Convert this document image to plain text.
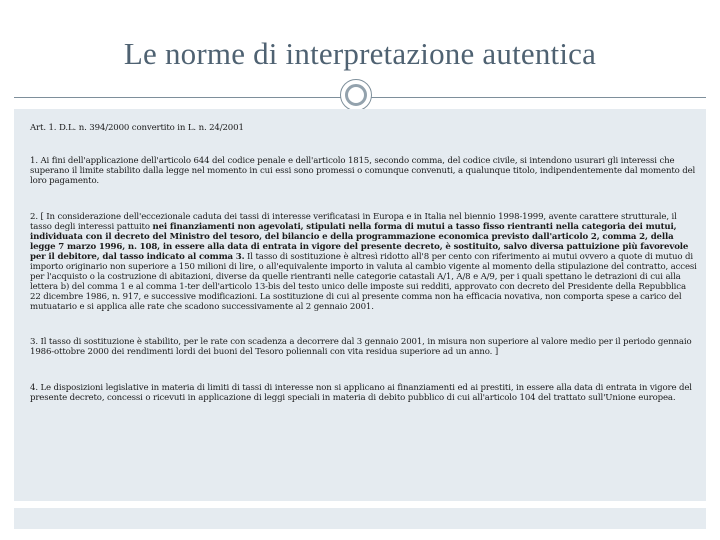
Le norme di interpretazione autentica

Art. 1. D.L. n. 394/2000 convertito in L. n. 24/2001

1. Ai fini dell'applicazione dell'articolo 644 del codice penale e dell'articolo 1815, secondo comma, del codice civile, si intendono usurari gli interessi che superano il limite stabilito dalla legge nel momento in cui essi sono promessi o comunque convenuti, a qualunque titolo, indipendentemente dal momento del loro pagamento.

2. [ In considerazione dell'eccezionale caduta dei tassi di interesse verificatasi in Europa e in Italia nel biennio 1998-1999, avente carattere strutturale, il tasso degli interessi pattuito nei finanziamenti non agevolati, stipulati nella forma di mutui a tasso fisso rientranti nella categoria dei mutui, individuata con il decreto del Ministro del tesoro, del bilancio e della programmazione economica previsto dall'articolo 2, comma 2, della legge 7 marzo 1996, n. 108, in essere alla data di entrata in vigore del presente decreto, è sostituito, salvo diversa pattuizione più favorevole per il debitore, dal tasso indicato al comma 3. Il tasso di sostituzione è altresì ridotto all'8 per cento con riferimento ai mutui ovvero a quote di mutuo di importo originario non superiore a 150 milioni di lire, o all'equivalente importo in valuta al cambio vigente al momento della stipulazione del contratto, accesi per l'acquisto o la costruzione di abitazioni, diverse da quelle rientranti nelle categorie catastali A/1, A/8 e A/9, per i quali spettano le detrazioni di cui alla lettera b) del comma 1 e al comma 1-ter dell'articolo 13-bis del testo unico delle imposte sui redditi, approvato con decreto del Presidente della Repubblica 22 dicembre 1986, n. 917, e successive modificazioni. La sostituzione di cui al presente comma non ha efficacia novativa, non comporta spese a carico del mutuatario e si applica alle rate che scadono successivamente al 2 gennaio 2001.

3. Il tasso di sostituzione è stabilito, per le rate con scadenza a decorrere dal 3 gennaio 2001, in misura non superiore al valore medio per il periodo gennaio 1986-ottobre 2000 dei rendimenti lordi dei buoni del Tesoro poliennali con vita residua superiore ad un anno. ]

4. Le disposizioni legislative in materia di limiti di tassi di interesse non si applicano ai finanziamenti ed ai prestiti, in essere alla data di entrata in vigore del presente decreto, concessi o ricevuti in applicazione di leggi speciali in materia di debito pubblico di cui all'articolo 104 del trattato sull'Unione europea.
